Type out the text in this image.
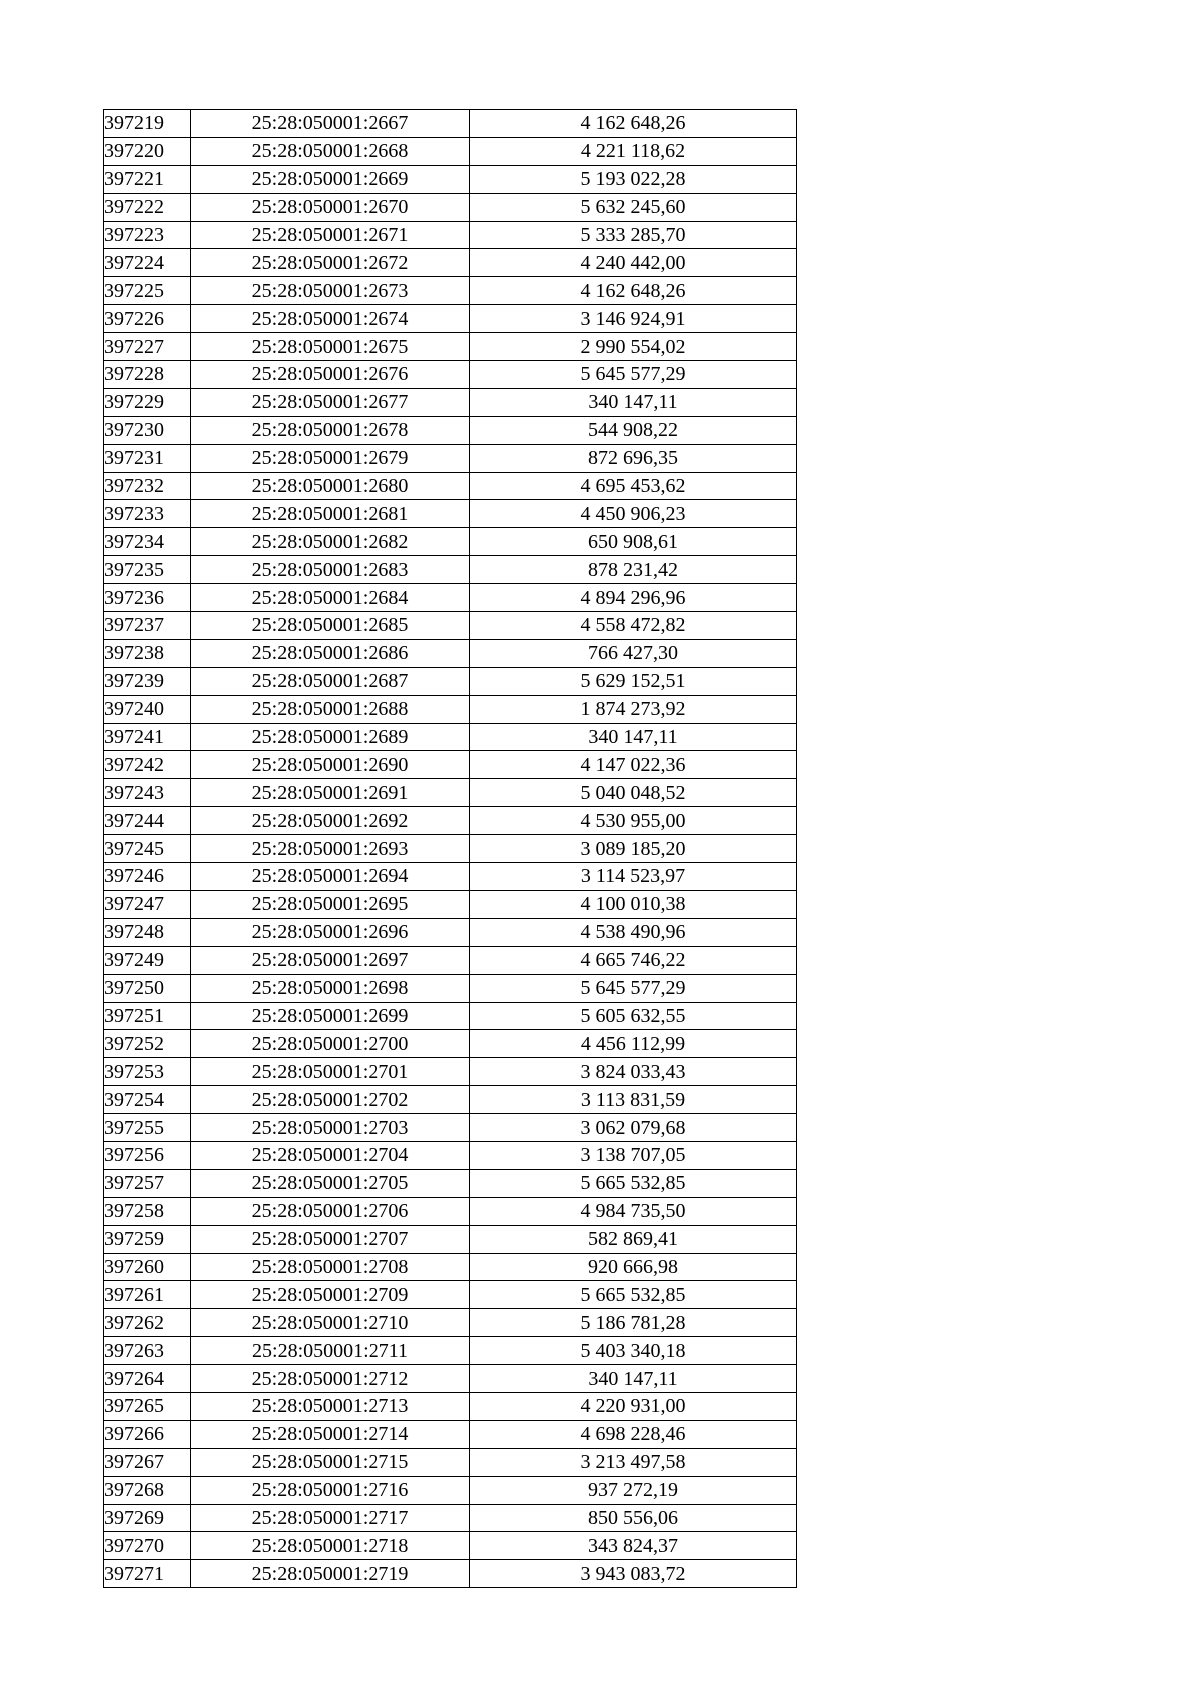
397219	25:28:050001:2667	4 162 648,26
397220	25:28:050001:2668	4 221 118,62
397221	25:28:050001:2669	5 193 022,28
397222	25:28:050001:2670	5 632 245,60
397223	25:28:050001:2671	5 333 285,70
397224	25:28:050001:2672	4 240 442,00
397225	25:28:050001:2673	4 162 648,26
397226	25:28:050001:2674	3 146 924,91
397227	25:28:050001:2675	2 990 554,02
397228	25:28:050001:2676	5 645 577,29
397229	25:28:050001:2677	340 147,11
397230	25:28:050001:2678	544 908,22
397231	25:28:050001:2679	872 696,35
397232	25:28:050001:2680	4 695 453,62
397233	25:28:050001:2681	4 450 906,23
397234	25:28:050001:2682	650 908,61
397235	25:28:050001:2683	878 231,42
397236	25:28:050001:2684	4 894 296,96
397237	25:28:050001:2685	4 558 472,82
397238	25:28:050001:2686	766 427,30
397239	25:28:050001:2687	5 629 152,51
397240	25:28:050001:2688	1 874 273,92
397241	25:28:050001:2689	340 147,11
397242	25:28:050001:2690	4 147 022,36
397243	25:28:050001:2691	5 040 048,52
397244	25:28:050001:2692	4 530 955,00
397245	25:28:050001:2693	3 089 185,20
397246	25:28:050001:2694	3 114 523,97
397247	25:28:050001:2695	4 100 010,38
397248	25:28:050001:2696	4 538 490,96
397249	25:28:050001:2697	4 665 746,22
397250	25:28:050001:2698	5 645 577,29
397251	25:28:050001:2699	5 605 632,55
397252	25:28:050001:2700	4 456 112,99
397253	25:28:050001:2701	3 824 033,43
397254	25:28:050001:2702	3 113 831,59
397255	25:28:050001:2703	3 062 079,68
397256	25:28:050001:2704	3 138 707,05
397257	25:28:050001:2705	5 665 532,85
397258	25:28:050001:2706	4 984 735,50
397259	25:28:050001:2707	582 869,41
397260	25:28:050001:2708	920 666,98
397261	25:28:050001:2709	5 665 532,85
397262	25:28:050001:2710	5 186 781,28
397263	25:28:050001:2711	5 403 340,18
397264	25:28:050001:2712	340 147,11
397265	25:28:050001:2713	4 220 931,00
397266	25:28:050001:2714	4 698 228,46
397267	25:28:050001:2715	3 213 497,58
397268	25:28:050001:2716	937 272,19
397269	25:28:050001:2717	850 556,06
397270	25:28:050001:2718	343 824,37
397271	25:28:050001:2719	3 943 083,72
